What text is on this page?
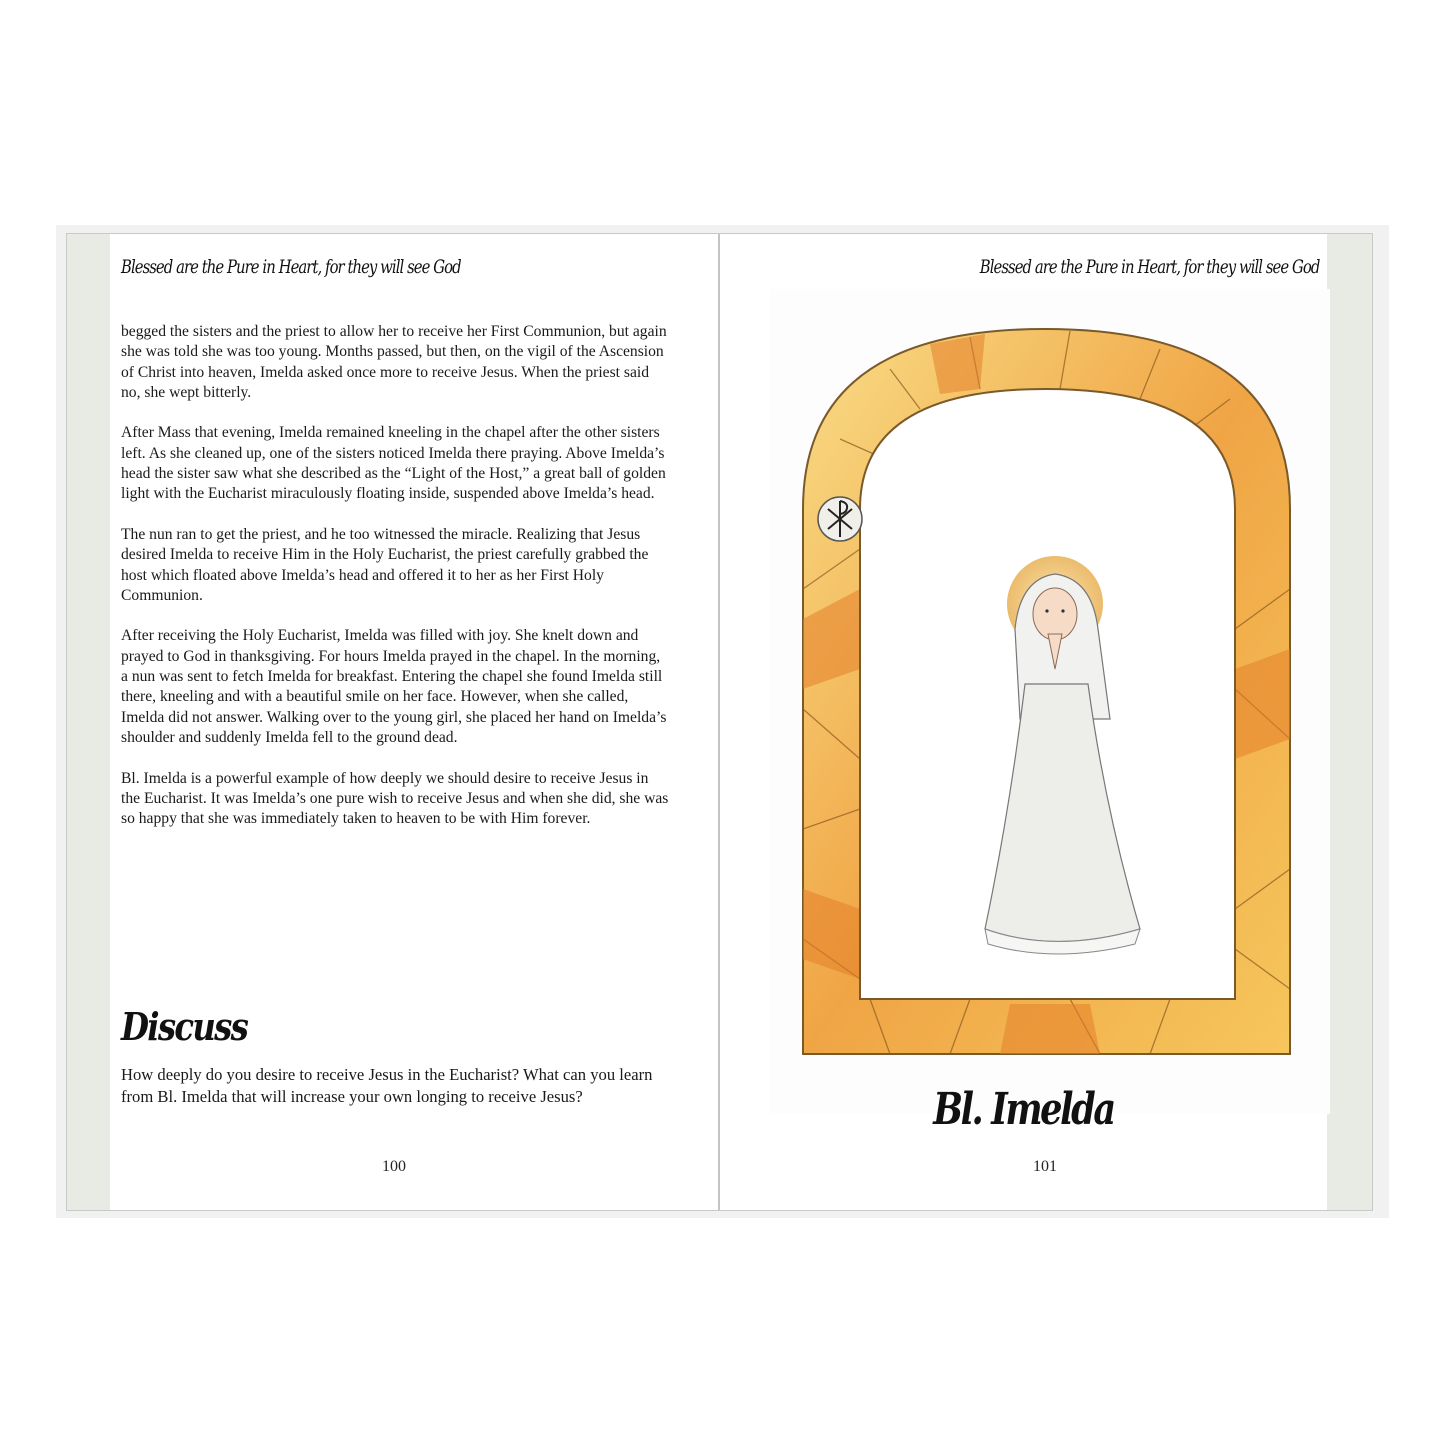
Blessed are the Pure in Heart, for they will see God

begged the sisters and the priest to allow her to receive her First Communion, but again she was told she was too young. Months passed, but then, on the vigil of the Ascension of Christ into heaven, Imelda asked once more to receive Jesus. When the priest said no, she wept bitterly.

After Mass that evening, Imelda remained kneeling in the chapel after the other sisters left. As she cleaned up, one of the sisters noticed Imelda there praying. Above Imelda’s head the sister saw what she described as the “Light of the Host,” a great ball of golden light with the Eucharist miraculously floating inside, suspended above Imelda’s head.

The nun ran to get the priest, and he too witnessed the miracle. Realizing that Jesus desired Imelda to receive Him in the Holy Eucharist, the priest carefully grabbed the host which floated above Imelda’s head and offered it to her as her First Holy Communion.

After receiving the Holy Eucharist, Imelda was filled with joy. She knelt down and prayed to God in thanksgiving. For hours Imelda prayed in the chapel. In the morning, a nun was sent to fetch Imelda for breakfast. Entering the chapel she found Imelda still there, kneeling and with a beautiful smile on her face. However, when she called, Imelda did not answer. Walking over to the young girl, she placed her hand on Imelda’s shoulder and suddenly Imelda fell to the ground dead.

Bl. Imelda is a powerful example of how deeply we should desire to receive Jesus in the Eucharist. It was Imelda’s one pure wish to receive Jesus and when she did, she was so happy that she was immediately taken to heaven to be with Him forever.

Discuss
How deeply do you desire to receive Jesus in the Eucharist? What can you learn from Bl. Imelda that will increase your own longing to receive Jesus?
100
Blessed are the Pure in Heart, for they will see God
Bl. Imelda
101
